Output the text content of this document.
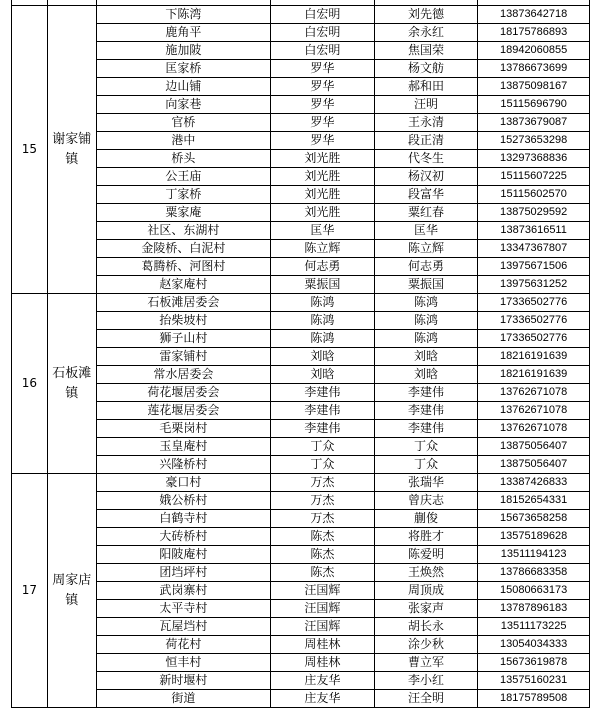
15	谢家铺镇	下陈湾	白宏明	刘先德	13873642718
		鹿角平	白宏明	余永红	18175786893
		施加陂	白宏明	焦国荣	18942060855
		匡家桥	罗华	杨文舫	13786673699
		边山铺	罗华	郝和田	13875098167
		向家巷	罗华	汪明	15115696790
		官桥	罗华	王永清	13873679087
		港中	罗华	段正清	15273653298
		桥头	刘光胜	代冬生	13297368836
		公王庙	刘光胜	杨汉初	15115607225
		丁家桥	刘光胜	段富华	15115602570
		粟家庵	刘光胜	粟红春	13875029592
		社区、东湖村	匡华	匡华	13873616511
		金陵桥、白泥村	陈立辉	陈立辉	13347367807
		葛腾桥、河图村	何志勇	何志勇	13975671506
		赵家庵村	粟振国	粟振国	13975631252
16	石板滩镇	石板滩居委会	陈鸿	陈鸿	17336502776
		抬柴坡村	陈鸿	陈鸿	17336502776
		狮子山村	陈鸿	陈鸿	17336502776
		雷家铺村	刘晗	刘晗	18216191639
		常水居委会	刘晗	刘晗	18216191639
		荷花堰居委会	李建伟	李建伟	13762671078
		莲花堰居委会	李建伟	李建伟	13762671078
		毛栗岗村	李建伟	李建伟	13762671078
		玉皇庵村	丁众	丁众	13875056407
		兴隆桥村	丁众	丁众	13875056407
17	周家店镇	豪口村	万杰	张瑞华	13387426833
		娥公桥村	万杰	曾庆志	18152654331
		白鹤寺村	万杰	蒯俊	15673658258
		大砖桥村	陈杰	将胜才	13575189628
		阳陂庵村	陈杰	陈爱明	13511194123
		团垱坪村	陈杰	王焕然	13786683358
		武岗寨村	汪国辉	周顶成	15080663173
		太平寺村	汪国辉	张家声	13787896183
		瓦屋垱村	汪国辉	胡长永	13511173225
		荷花村	周桂林	涂少秋	13054034333
		恒丰村	周桂林	曹立军	15673619878
		新时堰村	庄友华	李小红	13575160231
		街道	庄友华	汪全明	18175789508
